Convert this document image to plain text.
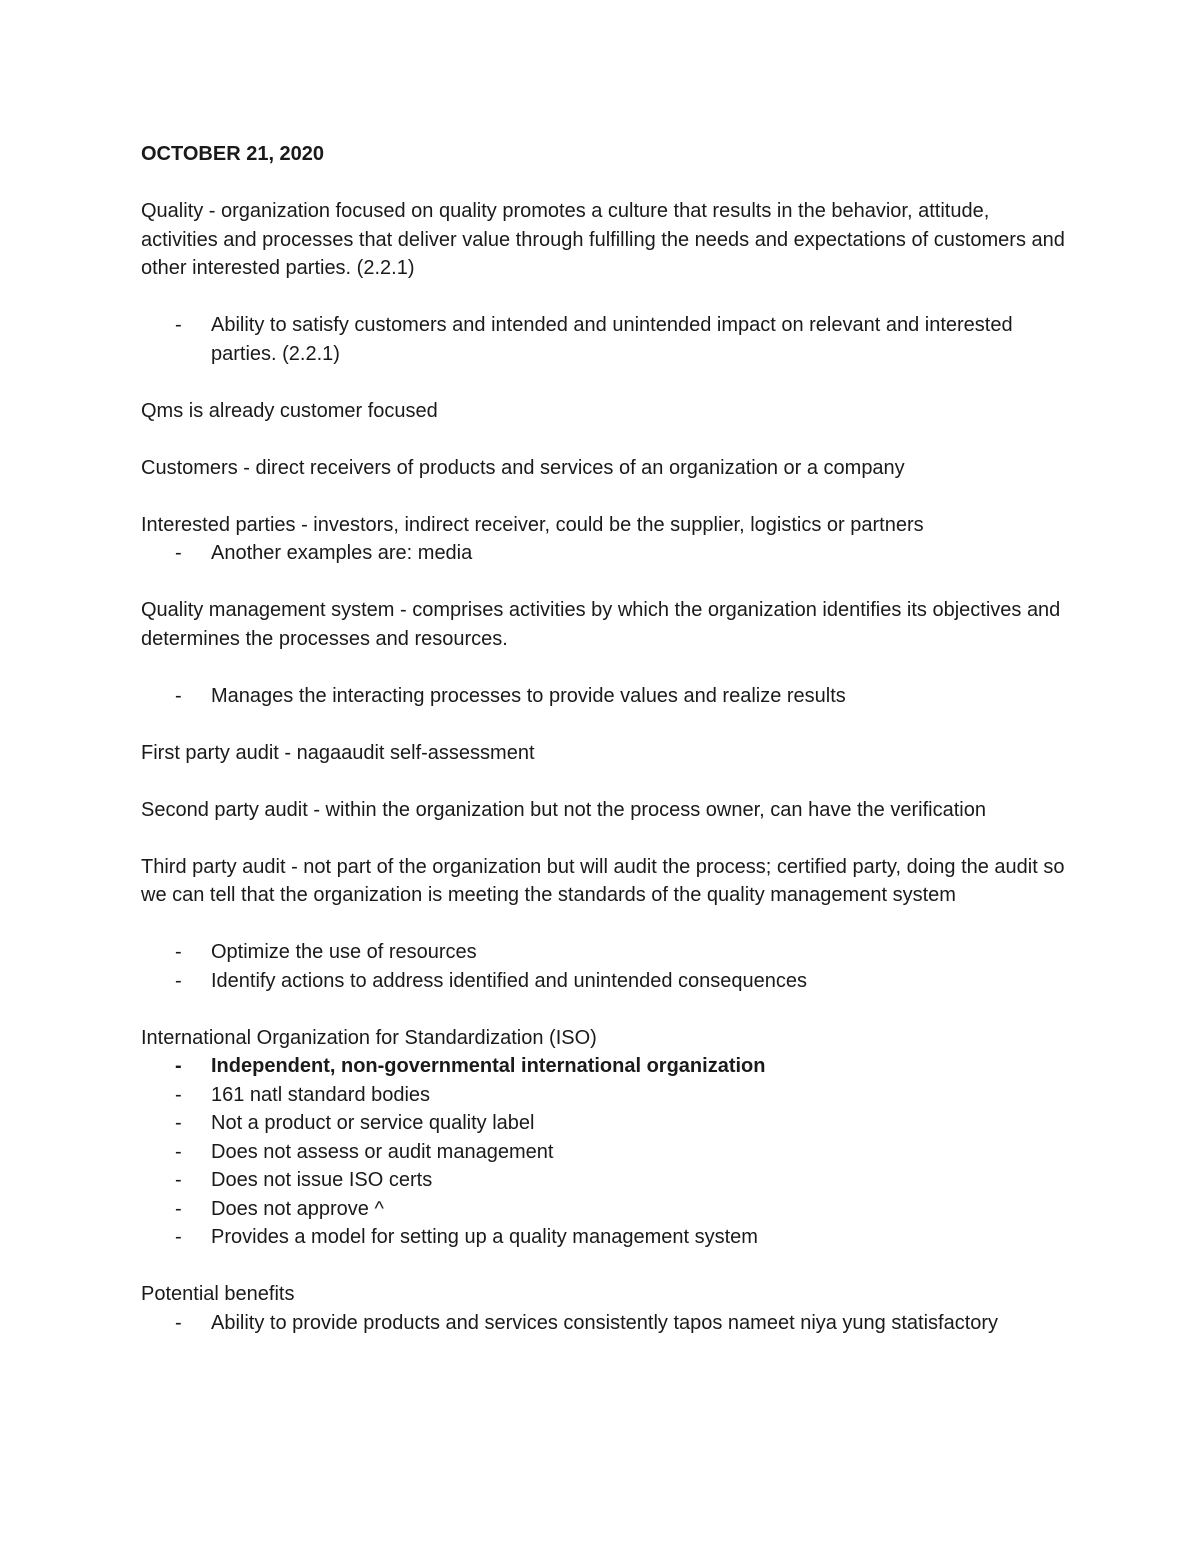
OCTOBER 21, 2020

Quality - organization focused on quality promotes a culture that results in the behavior, attitude, activities and processes that deliver value through fulfilling the needs and expectations of customers and other interested parties. (2.2.1)

- Ability to satisfy customers and intended and unintended impact on relevant and interested parties. (2.2.1)

Qms is already customer focused

Customers - direct receivers of products and services of an organization or a company

Interested parties - investors, indirect receiver, could be the supplier, logistics or partners

- Another examples are: media

Quality management system - comprises activities by which the organization identifies its objectives and determines the processes and resources.

- Manages the interacting processes to provide values and realize results

First party audit - nagaaudit self-assessment

Second party audit - within the organization but not the process owner, can have the verification

Third party audit - not part of the organization but will audit the process; certified party, doing the audit so we can tell that the organization is meeting the standards of the quality management system

- Optimize the use of resources
- Identify actions to address identified and unintended consequences

International Organization for Standardization (ISO)

- Independent, non-governmental international organization
- 161 natl standard bodies
- Not a product or service quality label
- Does not assess or audit management
- Does not issue ISO certs
- Does not approve ^
- Provides a model for setting up a quality management system

Potential benefits

- Ability to provide products and services consistently tapos nameet niya yung statisfactory
